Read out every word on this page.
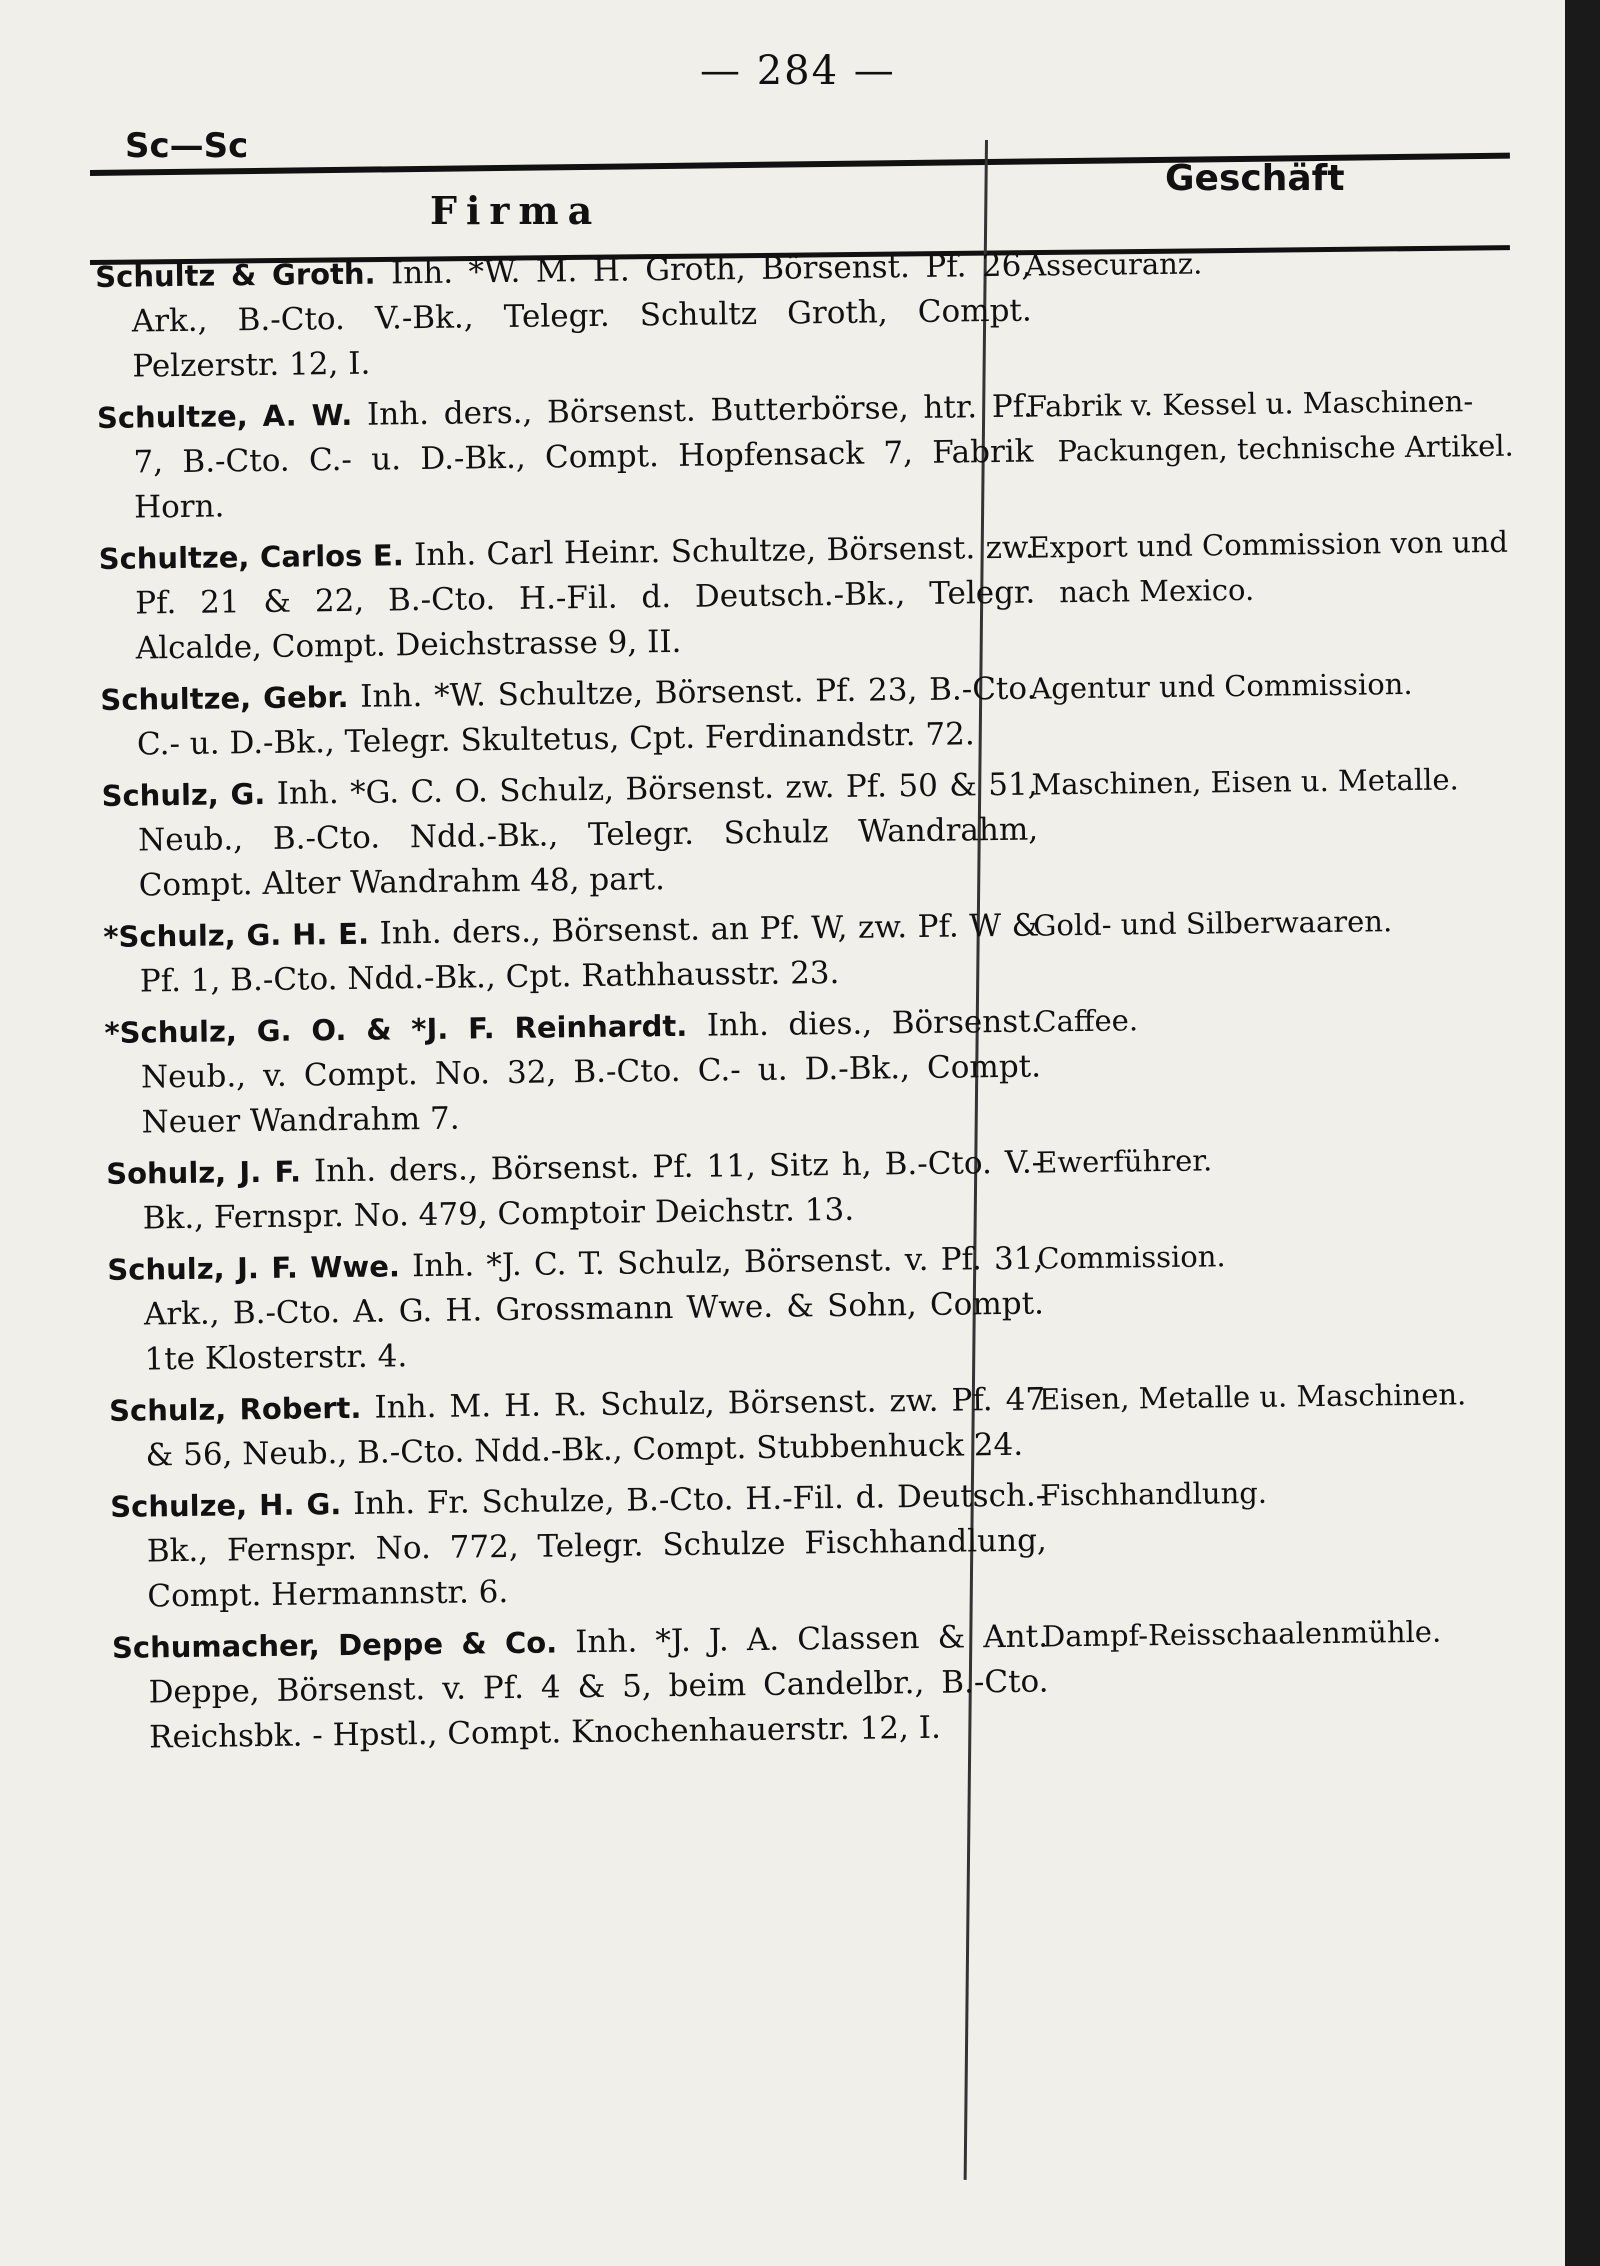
— 284 —
Sc—Sc
Firma
Geschäft
Schultz & Groth. Inh. *W. M. H. Groth, Börsenst. Pf. 26, Ark., B.-Cto. V.-Bk., Telegr. Schultz Groth, Compt. Pelzerstr. 12, I.
Assecuranz.
Schultze, A. W. Inh. ders., Börsenst. Butterbörse, htr. Pf. 7, B.-Cto. C.- u. D.-Bk., Compt. Hopfensack 7, Fabrik Horn.
Fabrik v. Kessel u. Maschinen-Packungen, technische Artikel.
Schultze, Carlos E. Inh. Carl Heinr. Schultze, Börsenst. zw. Pf. 21 & 22, B.-Cto. H.-Fil. d. Deutsch.-Bk., Telegr. Alcalde, Compt. Deichstrasse 9, II.
Export und Commission von und nach Mexico.
Schultze, Gebr. Inh. *W. Schultze, Börsenst. Pf. 23, B.-Cto. C.- u. D.-Bk., Telegr. Skultetus, Cpt. Ferdinandstr. 72.
Agentur und Commission.
Schulz, G. Inh. *G. C. O. Schulz, Börsenst. zw. Pf. 50 & 51, Neub., B.-Cto. Ndd.-Bk., Telegr. Schulz Wandrahm, Compt. Alter Wandrahm 48, part.
Maschinen, Eisen u. Metalle.
*Schulz, G. H. E. Inh. ders., Börsenst. an Pf. W, zw. Pf. W & Pf. 1, B.-Cto. Ndd.-Bk., Cpt. Rathhausstr. 23.
Gold- und Silberwaaren.
*Schulz, G. O. & *J. F. Reinhardt. Inh. dies., Börsenst. Neub., v. Compt. No. 32, B.-Cto. C.- u. D.-Bk., Compt. Neuer Wandrahm 7.
Caffee.
Sohulz, J. F. Inh. ders., Börsenst. Pf. 11, Sitz h, B.-Cto. V.-Bk., Fernspr. No. 479, Comptoir Deichstr. 13.
Ewerführer.
Schulz, J. F. Wwe. Inh. *J. C. T. Schulz, Börsenst. v. Pf. 31, Ark., B.-Cto. A. G. H. Grossmann Wwe. & Sohn, Compt. 1te Klosterstr. 4.
Commission.
Schulz, Robert. Inh. M. H. R. Schulz, Börsenst. zw. Pf. 47 & 56, Neub., B.-Cto. Ndd.-Bk., Compt. Stubbenhuck 24.
Eisen, Metalle u. Maschinen.
Schulze, H. G. Inh. Fr. Schulze, B.-Cto. H.-Fil. d. Deutsch.-Bk., Fernspr. No. 772, Telegr. Schulze Fischhandlung, Compt. Hermannstr. 6.
Fischhandlung.
Schumacher, Deppe & Co. Inh. *J. J. A. Classen & Ant. Deppe, Börsenst. v. Pf. 4 & 5, beim Candelbr., B.-Cto. Reichsbk. - Hpstl., Compt. Knochenhauerstr. 12, I.
Dampf-Reisschaalenmühle.
